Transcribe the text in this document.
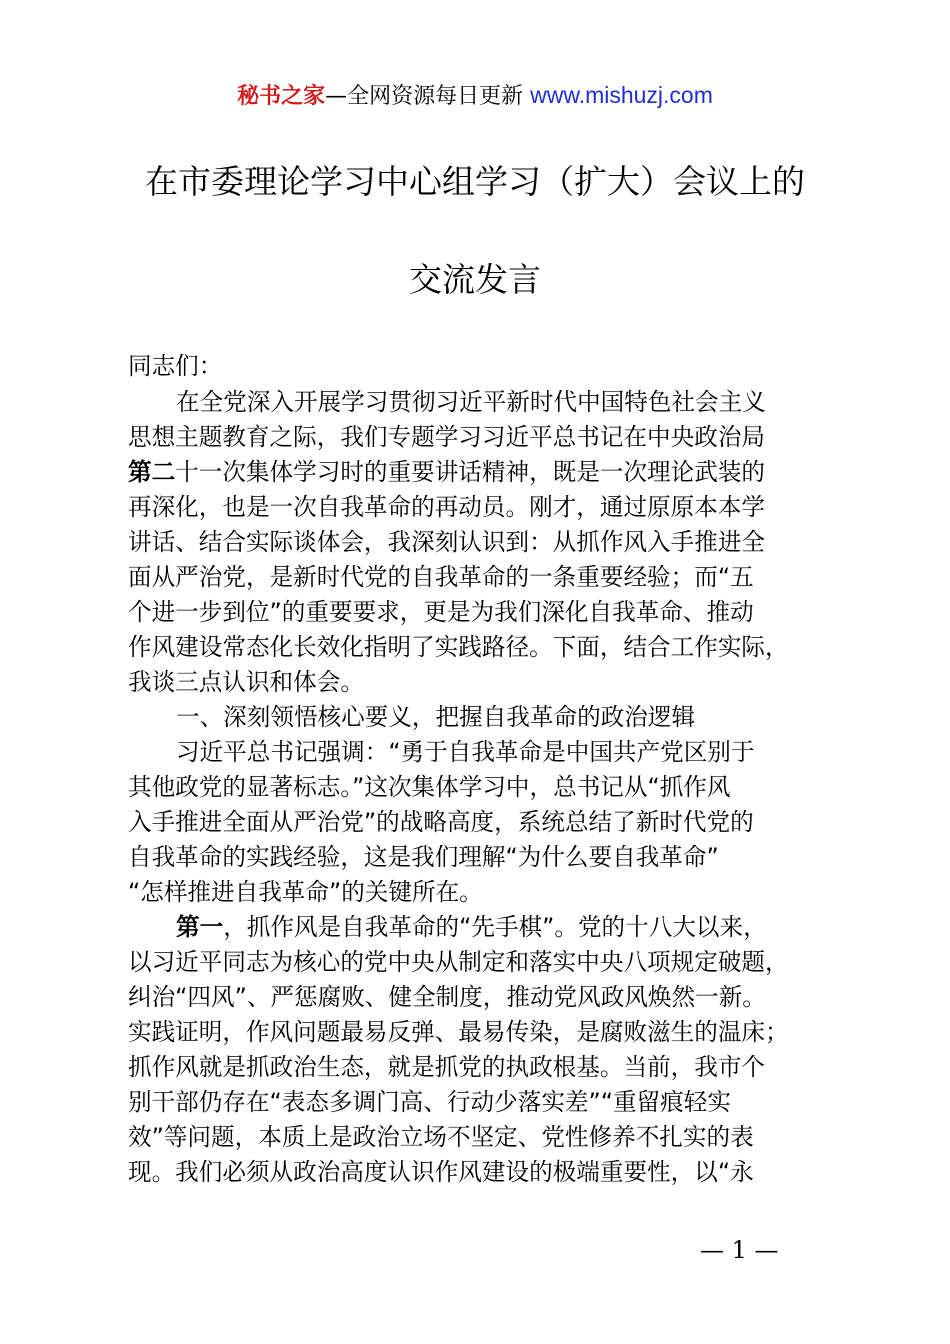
秘书之家—全网资源每日更新 www.mishuzj.com
在市委理论学习中心组学习（扩大）会议上的
交流发言
同志们：
在全党深入开展学习贯彻习近平新时代中国特色社会主义
思想主题教育之际，我们专题学习习近平总书记在中央政治局
第二十一次集体学习时的重要讲话精神，既是一次理论武装的
再深化，也是一次自我革命的再动员。刚才，通过原原本本学
讲话、结合实际谈体会，我深刻认识到：从抓作风入手推进全
面从严治党，是新时代党的自我革命的一条重要经验；而“五
个进一步到位”的重要要求，更是为我们深化自我革命、推动
作风建设常态化长效化指明了实践路径。下面，结合工作实际，
我谈三点认识和体会。
一、深刻领悟核心要义，把握自我革命的政治逻辑
习近平总书记强调：“勇于自我革命是中国共产党区别于
其他政党的显著标志。”这次集体学习中，总书记从“抓作风
入手推进全面从严治党”的战略高度，系统总结了新时代党的
自我革命的实践经验，这是我们理解“为什么要自我革命”
“怎样推进自我革命”的关键所在。
第一，抓作风是自我革命的“先手棋”。党的十八大以来，
以习近平同志为核心的党中央从制定和落实中央八项规定破题，
纠治“四风”、严惩腐败、健全制度，推动党风政风焕然一新。
实践证明，作风问题最易反弹、最易传染，是腐败滋生的温床；
抓作风就是抓政治生态，就是抓党的执政根基。当前，我市个
别干部仍存在“表态多调门高、行动少落实差”“重留痕轻实
效”等问题，本质上是政治立场不坚定、党性修养不扎实的表
现。我们必须从政治高度认识作风建设的极端重要性，以“永
— 1 —
